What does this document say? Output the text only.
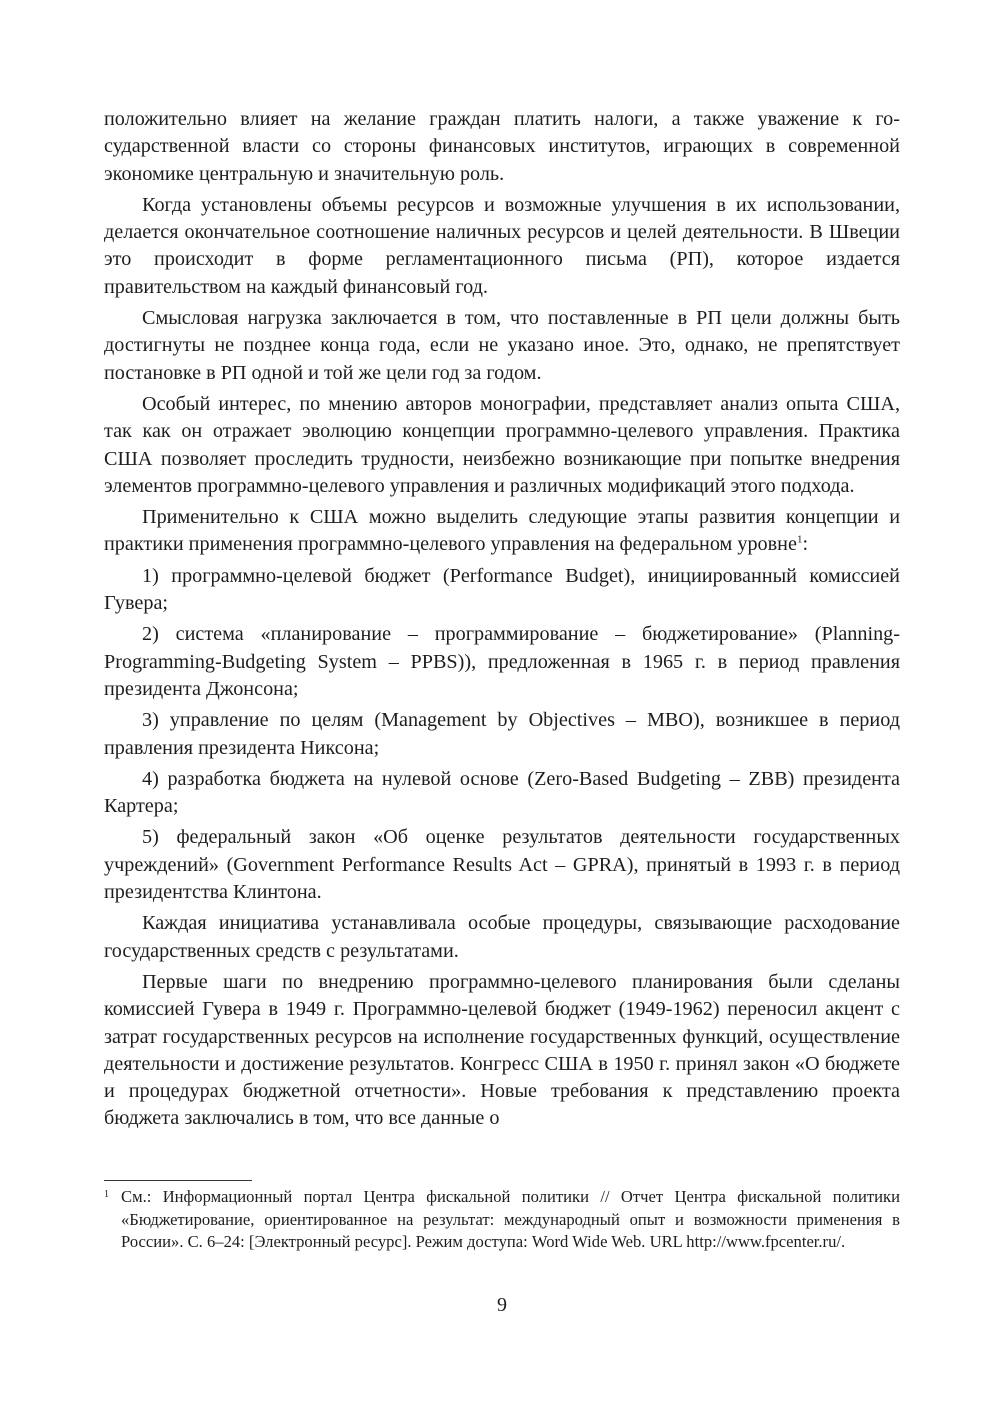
положительно влияет на желание граждан платить налоги, а также уважение к государственной власти со стороны финансовых институтов, играющих в современной экономике центральную и значительную роль.

Когда установлены объемы ресурсов и возможные улучшения в их использовании, делается окончательное соотношение наличных ресурсов и целей деятельности. В Швеции это происходит в форме регламентационного письма (РП), которое издается правительством на каждый финансовый год.

Смысловая нагрузка заключается в том, что поставленные в РП цели должны быть достигнуты не позднее конца года, если не указано иное. Это, однако, не препятствует постановке в РП одной и той же цели год за годом.

Особый интерес, по мнению авторов монографии, представляет анализ опыта США, так как он отражает эволюцию концепции программно-целевого управления. Практика США позволяет проследить трудности, неизбежно возникающие при попытке внедрения элементов программно-целевого управления и различных модификаций этого подхода.

Применительно к США можно выделить следующие этапы развития концепции и практики применения программно-целевого управления на федеральном уровне$^1$:

1) программно-целевой бюджет (Performance Budget), инициированный комиссией Гувера;

2) система «планирование – программирование – бюджетирование» (Planning-Programming-Budgeting System – PPBS)), предложенная в 1965 г. в период правления президента Джонсона;

3) управление по целям (Management by Objectives – MBO), возникшее в период правления президента Никсона;

4) разработка бюджета на нулевой основе (Zero-Based Budgeting – ZBB) президента Картера;

5) федеральный закон «Об оценке результатов деятельности государственных учреждений» (Government Performance Results Act – GPRA), принятый в 1993 г. в период президентства Клинтона.

Каждая инициатива устанавливала особые процедуры, связывающие расходование государственных средств с результатами.

Первые шаги по внедрению программно-целевого планирования были сделаны комиссией Гувера в 1949 г. Программно-целевой бюджет (1949-1962) переносил акцент с затрат государственных ресурсов на исполнение государственных функций, осуществление деятельности и достижение результатов. Конгресс США в 1950 г. принял закон «О бюджете и процедурах бюджетной отчетности». Новые требования к представлению проекта бюджета заключались в том, что все данные о

1 См.: Информационный портал Центра фискальной политики // Отчет Центра фискальной политики «Бюджетирование, ориентированное на результат: международный опыт и возможности применения в России». С. 6–24: [Электронный ресурс]. Режим доступа: Word Wide Web. URL http://www.fpcenter.ru/.
9
